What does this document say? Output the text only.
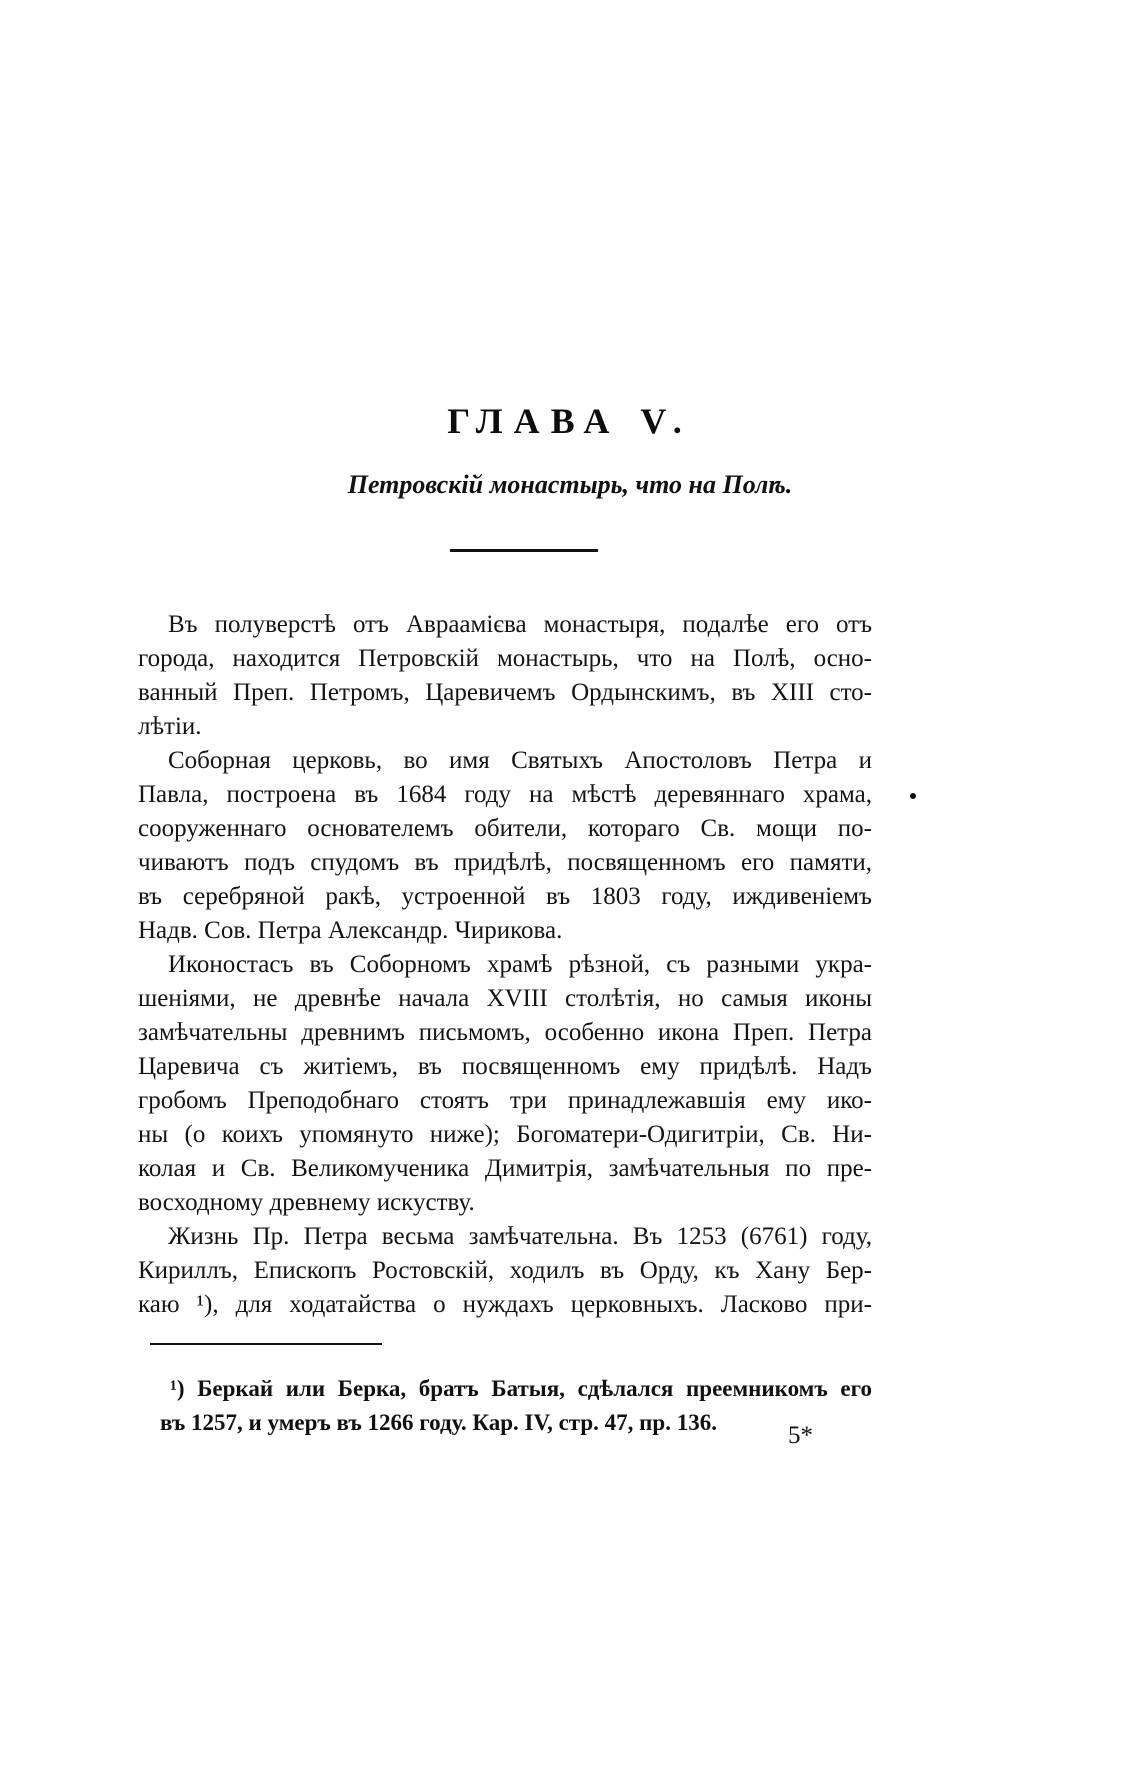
ГЛАВА V.
Петровскій монастырь, что на Полѣ.
Въ полуверстѣ отъ Авраамієва монастыря, подалѣе его отъ
города, находится Петровскій монастырь, что на Полѣ, осно-
ванный Преп. Петромъ, Царевичемъ Ордынскимъ, въ XIII сто-
лѣтіи.
Соборная церковь, во имя Святыхъ Апостоловъ Петра и
Павла, построена въ 1684 году на мѣстѣ деревяннаго храма,
сооруженнаго основателемъ обители, котораго Св. мощи по-
чиваютъ подъ спудомъ въ придѣлѣ, посвященномъ его памяти,
въ серебряной ракѣ, устроенной въ 1803 году, иждивеніемъ
Надв. Сов. Петра Александр. Чирикова.
Иконостасъ въ Соборномъ храмѣ рѣзной, съ разными укра-
шеніями, не древнѣе начала XVIII столѣтія, но самыя иконы
замѣчательны древнимъ письмомъ, особенно икона Преп. Петра
Царевича съ житіемъ, въ посвященномъ ему придѣлѣ. Надъ
гробомъ Преподобнаго стоятъ три принадлежавшія ему ико-
ны (о коихъ упомянуто ниже); Богоматери-Одигитріи, Св. Ни-
колая и Св. Великомученика Димитрія, замѣчательныя по пре-
восходному древнему искуству.
Жизнь Пр. Петра весьма замѣчательна. Въ 1253 (6761) году,
Кириллъ, Епископъ Ростовскій, ходилъ въ Орду, къ Хану Бер-
каю ¹), для ходатайства о нуждахъ церковныхъ. Ласково при-
¹) Беркай или Берка, братъ Батыя, сдѣлался преемникомъ его
въ 1257, и умеръ въ 1266 году. Кар. IV, стр. 47, пр. 136.	5*
